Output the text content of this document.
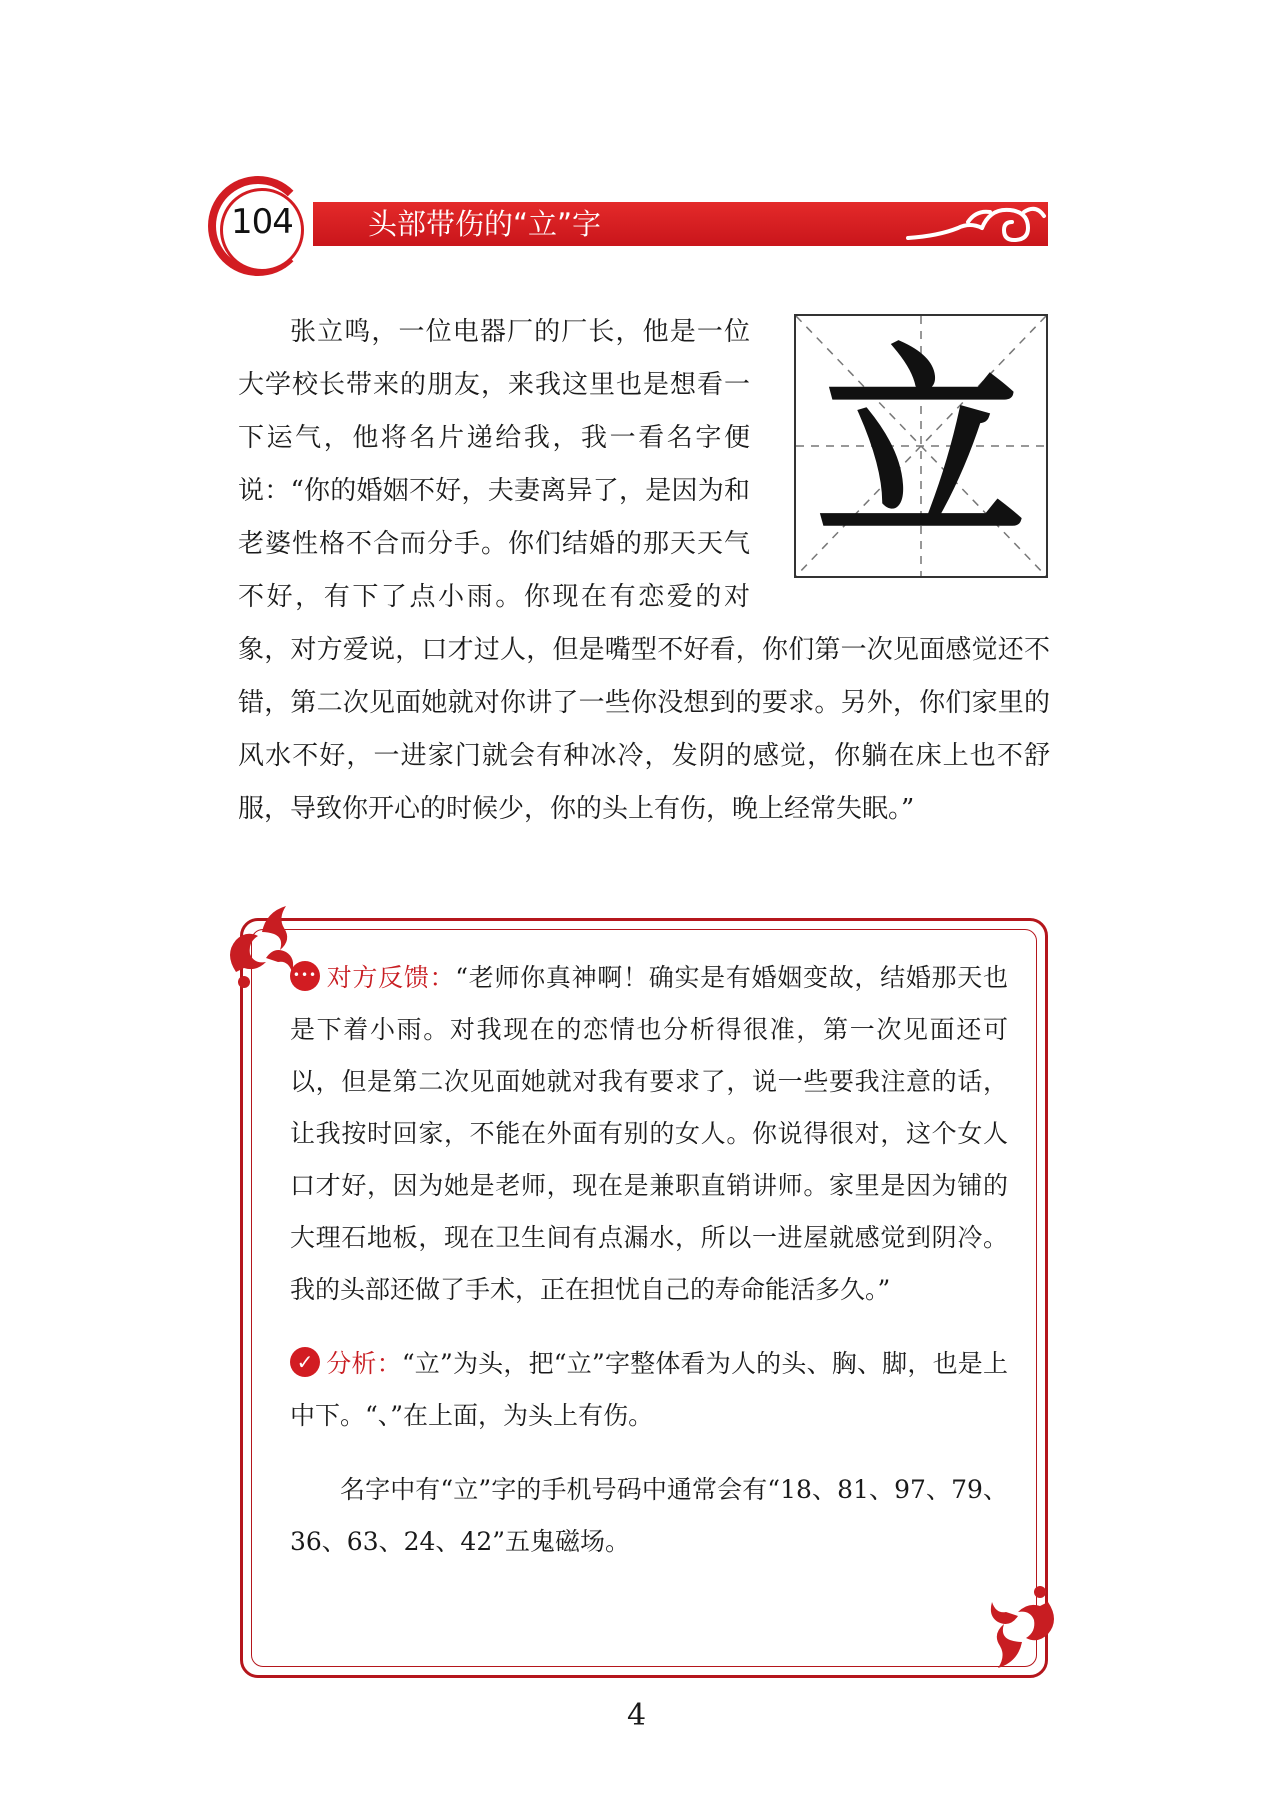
104	头部带伤的“立”字
立

张立鸣，一位电器厂的厂长，他是一位大学校长带来的朋友，来我这里也是想看一下运气，他将名片递给我，我一看名字便说：“你的婚姻不好，夫妻离异了，是因为和老婆性格不合而分手。你们结婚的那天天气不好，有下了点小雨。你现在有恋爱的对象，对方爱说，口才过人，但是嘴型不好看，你们第一次见面感觉还不错，第二次见面她就对你讲了一些你没想到的要求。另外，你们家里的风水不好，一进家门就会有种冰冷，发阴的感觉，你躺在床上也不舒服，导致你开心的时候少，你的头上有伤，晚上经常失眠。”

•••对方反馈：“老师你真神啊！确实是有婚姻变故，结婚那天也是下着小雨。对我现在的恋情也分析得很准，第一次见面还可以，但是第二次见面她就对我有要求了，说一些要我注意的话，让我按时回家，不能在外面有别的女人。你说得很对，这个女人口才好，因为她是老师，现在是兼职直销讲师。家里是因为铺的大理石地板，现在卫生间有点漏水，所以一进屋就感觉到阴冷。我的头部还做了手术，正在担忧自己的寿命能活多久。”

✓分析：“立”为头，把“立”字整体看为人的头、胸、脚，也是上中下。“、”在上面，为头上有伤。

名字中有“立”字的手机号码中通常会有“18、81、97、79、36、63、24、42”五鬼磁场。

4
